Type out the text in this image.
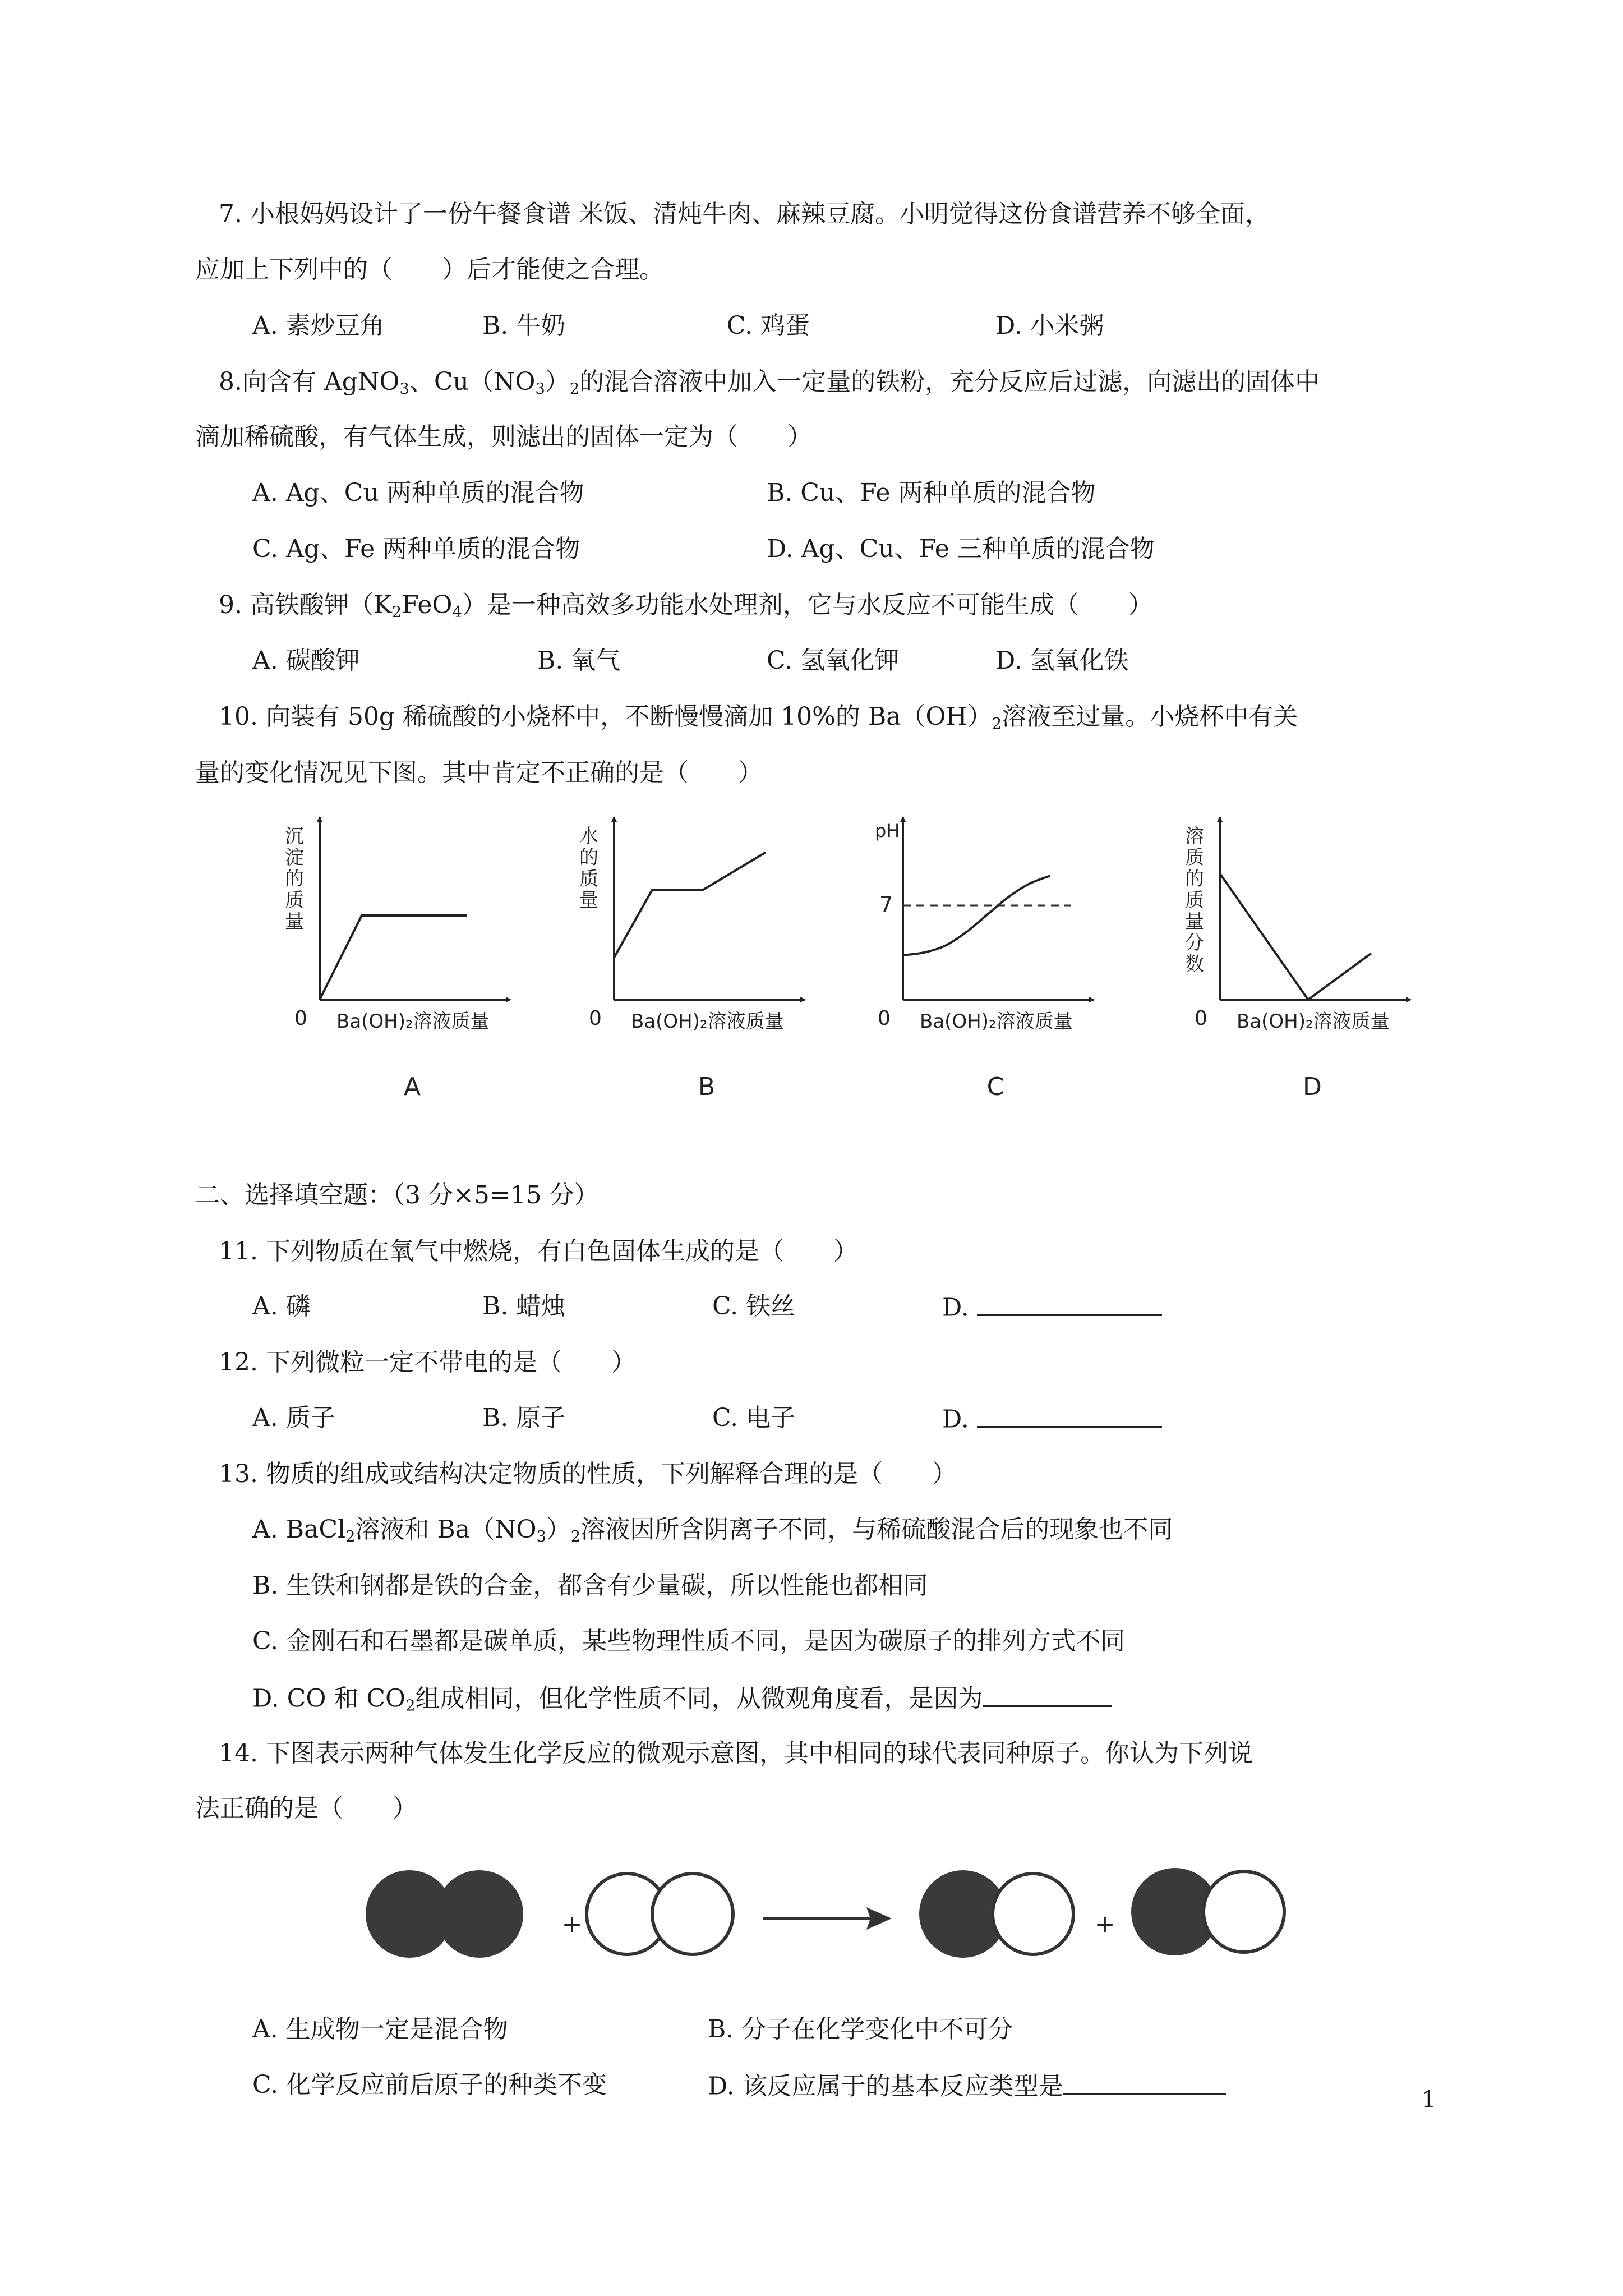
7. 小根妈妈设计了一份午餐食谱 米饭、清炖牛肉、麻辣豆腐。小明觉得这份食谱营养不够全面，
应加上下列中的（　　）后才能使之合理。
A. 素炒豆角	B. 牛奶	C. 鸡蛋	D. 小米粥
8.向含有 AgNO$_3$、$Cu(NO_3)_2$的混合溶液中加入一定量的铁粉，充分反应后过滤，向滤出的固体中
滴加稀硫酸，有气体生成，则滤出的固体一定为（　　）
A. Ag、Cu 两种单质的混合物	B. Cu、Fe 两种单质的混合物
C. Ag、Fe 两种单质的混合物	D. Ag、Cu、Fe 三种单质的混合物
9. 高铁酸钾$(K_2FeO_4)$是一种高效多功能水处理剂，它与水反应不可能生成（　　）
A. 碳酸钾	B. 氧气	C. 氢氧化钾	D. 氢氧化铁
10. 向装有 50g 稀硫酸的小烧杯中，不断慢慢滴加 10%的 $Ba(OH)_2$溶液至过量。小烧杯中有关
量的变化情况见下图。其中肯定不正确的是（　　）
0 Ba(OH)₂溶液质量
沉
淀
的
质
量
A
0 Ba(OH)₂溶液质量
水
的
质
量
B
0 Ba(OH)₂溶液质量
pH
7
C
0 Ba(OH)₂溶液质量
溶
质
的
质
量
分
数
D
二、选择填空题：（3 分×5=15 分）
11. 下列物质在氧气中燃烧，有白色固体生成的是（　　）
A. 磷	B. 蜡烛	C. 铁丝	D.
12. 下列微粒一定不带电的是（　　）
A. 质子	B. 原子	C. 电子	D.
13. 物质的组成或结构决定物质的性质，下列解释合理的是（　　）
A. BaCl$_2$溶液和 $Ba(NO_3)_2$溶液因所含阴离子不同，与稀硫酸混合后的现象也不同
B. 生铁和钢都是铁的合金，都含有少量碳，所以性能也都相同
C. 金刚石和石墨都是碳单质，某些物理性质不同，是因为碳原子的排列方式不同
D. CO 和 $CO_2$组成相同，但化学性质不同，从微观角度看，是因为
14. 下图表示两种气体发生化学反应的微观示意图，其中相同的球代表同种原子。你认为下列说
法正确的是（　　）
+	+
A. 生成物一定是混合物	B. 分子在化学变化中不可分
C. 化学反应前后原子的种类不变	D. 该反应属于的基本反应类型是	1
